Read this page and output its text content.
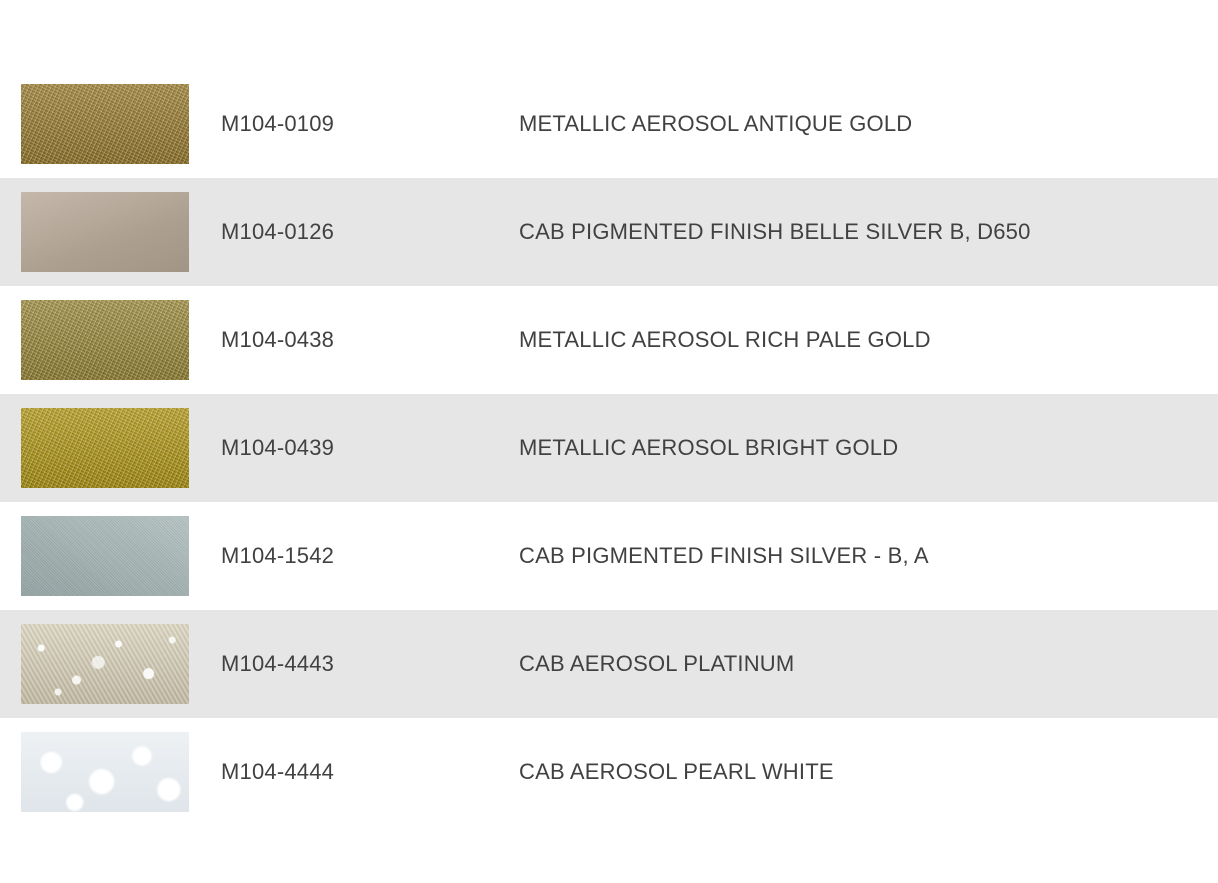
M104-0109	METALLIC AEROSOL ANTIQUE GOLD
M104-0126	CAB PIGMENTED FINISH BELLE SILVER B, D650
M104-0438	METALLIC AEROSOL RICH PALE GOLD
M104-0439	METALLIC AEROSOL BRIGHT GOLD
M104-1542	CAB PIGMENTED FINISH SILVER - B, A
M104-4443	CAB AEROSOL PLATINUM
M104-4444	CAB AEROSOL PEARL WHITE
